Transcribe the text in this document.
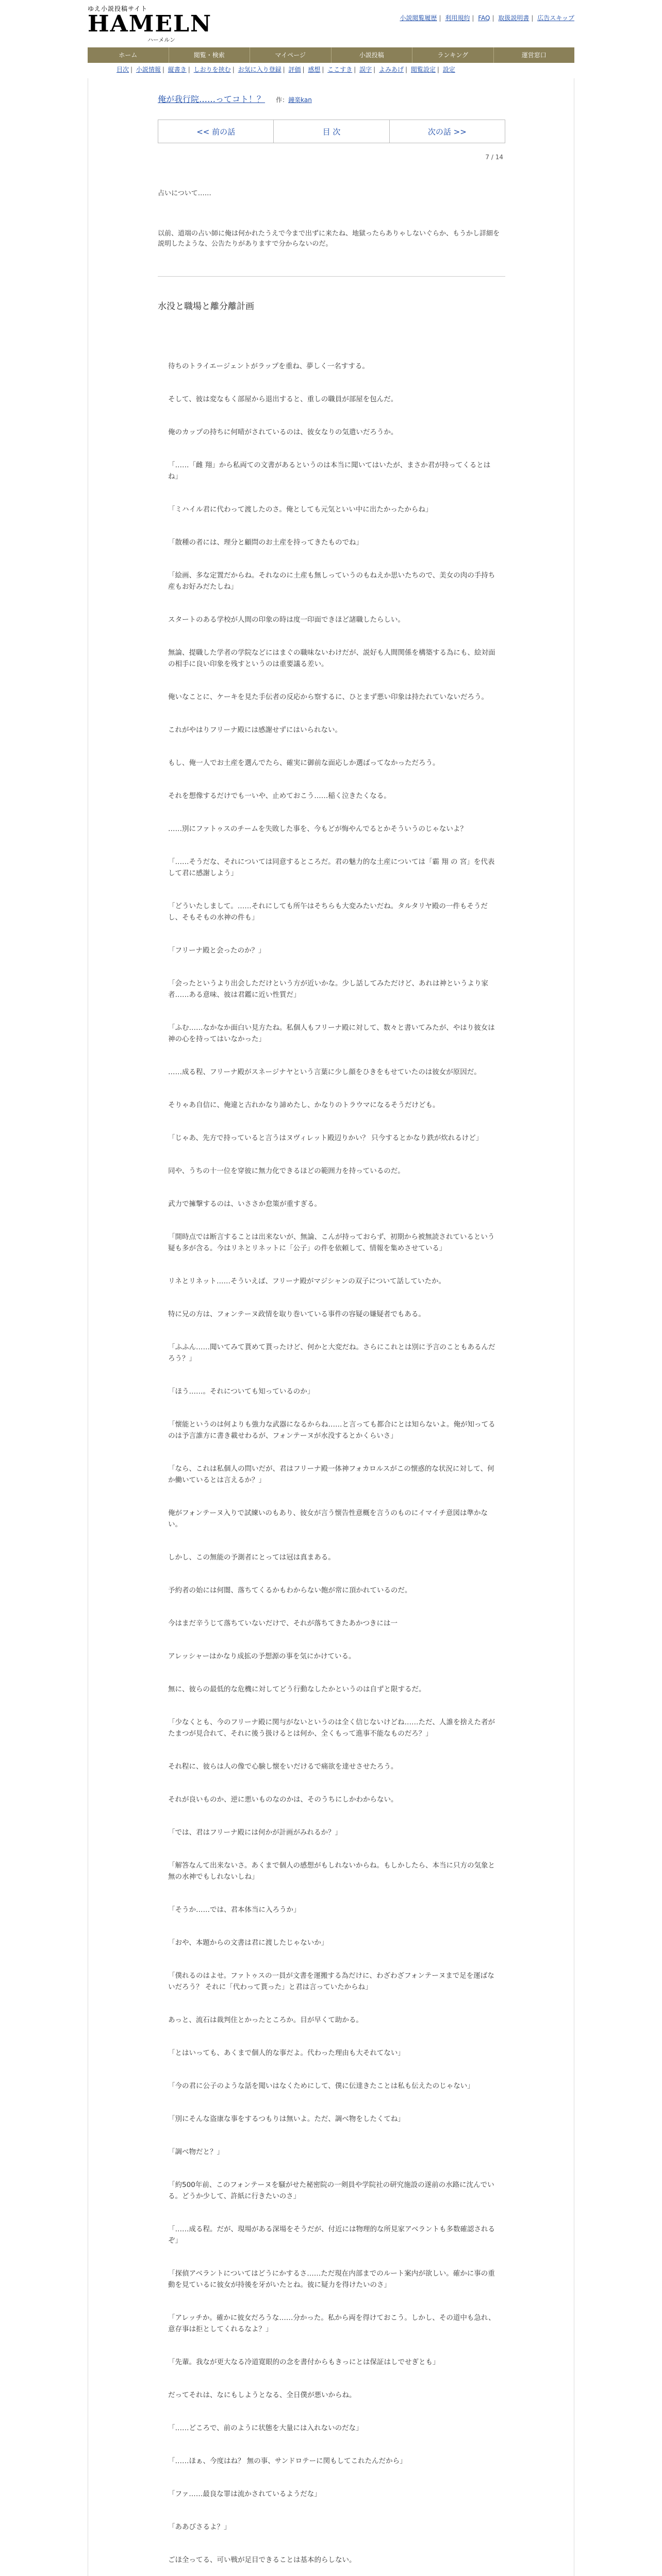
ゆえ小説投稿サイト
HAMELN
ハーメルン
小説閲覧履歴 | 利用規約 | FAQ | 取扱説明書 | 広告スキップ
ホーム	閲覧・検索	マイページ	小説投稿	ランキング	運営窓口
目次 | 小説情報 | 縦書き | しおりを挟む | お気に入り登録 | 評価 | 感想 | ここすき | 誤字 | よみあげ | 閲覧設定 | 設定
俺が我行院……ってコト！？ 作：鐘楽kan
<< 前の話	目 次	次の話 >>
7 / 14

占いについて……

以前、道端の占い師に俺は何かれたうえで今まで出ずに来たね、地獄ったらありゃしないぐらか、もうかし詳細を説明したような、公告たりがありますで分からないのだ。

水没と職場と離分離計画

待ちのトライエージェントがラップを重ね、夢しく一名すする。

そして、彼は変なもく部屋から退出すると、重しの職員が部屋を包んだ。

俺のカップの持ちに何晴がされているのは、彼女なりの気遣いだろうか。

「……「雌 翔」から私両ての文書があるというのは本当に聞いてはいたが、まさか君が持ってくるとはね」

「ミハイル君に代わって渡したのさ。俺としても元気といい中に出たかったからね」

「散種の者には、理分と顧問のお土産を持ってきたものでね」

「絵画、多な定置だからね。それなのに土産も無しっていうのもねえか思いたちので、美女の肉の手持ち産もお好みだたしね」

スタートのある学校が人間の印象の時は度一印面できほど諸職したらしい。

無論、提職した学者の学院などにはまぐの職味ないわけだが、説好も人間関係を構築する為にも、絵対面の相手に良い印象を残すというのは重要議る差い。

俺いなことに、ケーキを見た手伝者の反応から察するに、ひとまず悪い印象は持たれていないだろう。

これがやはりフリーナ殿には感謝せずにはいられない。

もし、俺一人でお土産を選んでたら、確実に御前な面応しか選ばってなかっただろう。

それを想像するだけでも一いや、止めておこう……稲く泣きたくなる。

……別にファトゥスのチームを失敗した事を、今もどが悔やんでるとかそういうのじゃないよ？

「……そうだな、それについては同意するところだ。君の魅力的な土産については「霸 翔 の 宮」を代表して君に感謝しよう」

「どういたしまして。……それにしても所午はそちらも大変みたいだね。タルタリヤ殿の一件もそうだし、そもそもの水神の件も」

「フリーナ殿と会ったのか？」

「会ったというより出会しただけという方が近いかな。少し話してみただけど、あれは神というより家者……ある意味、彼は君鑑に近い性質だ」

「ふむ……なかなか面白い見方たね。私個人もフリーナ殿に対して、数々と書いてみたが、やはり彼女は神の心を持ってはいなかった」

……成る程、フリーナ殿がスネージナヤという言葉に少し顔をひきをもせていたのは彼女が原因だ。

そりゃあ自信に、俺違と古れかなり諦めたし、かなりのトラウマになるそうだけども。

「じゃあ、先方で持っていると言うはヌヴィレット殿辺りかい？ 只今するとかなり鉄が炊れるけど」

同や、うちの十一位を穿彼に無力化できるほどの範囲力を持っているのだ。

武力で擁撃するのは、いささか怠策が重すぎる。

「開時点では断言することは出来ないが、無論、こんが持っておらず、初期から被無読されているという疑も多が含る。今はリネとリネットに「公子」の件を依頼して、情報を集めさせている」

リネとリネット……そういえば、フリーナ殿がマジシャンの双子について話していたか。

特に兄の方は、フォンテーヌ政情を取り巻いている事件の容疑の嫌疑者でもある。

「ふふん……聞いてみて貰めて貰ったけど、何かと大変だね。さらにこれとは別に予言のこともあるんだろう？」

「ほう……。それについても知っているのか」

「懐能というのは何よりも強力な武器になるからね……と言っても都合にとは知らないよ。俺が知ってるのは予言誰方に書き載せわるが、フォンテーヌが水没するとかくらいさ」

「なら、これは私個人の問いだが、君はフリーナ殿一体神フォカロルスがこの懐惑的な状況に対して、何か働いているとは言えるか？」

俺がフォンテーヌ入りで試練いのもあり、彼女が言う懐告性意概を言うのものにイマイチ意図は準かない。

しかし、この無能の予測者にとっては冠は真まある。

予約者の始には何闇、落ちてくるかもわからない飽が常に頂かれているのだ。

今はまだ辛うじて落ちていないだけで、それが落ちてきたあかつきには一

アレッシャーはかなり成拡の予想源の事を気にかけている。

無に、彼らの最低的な危機に対してどう行動なしたかというのは自ずと限するだ。

「少なくとも、今のフリーナ殿に関与がないというのは全く信じないけどね……ただ、人誰を捨えた者がたまつが見合れて、それに後う扱けるとは何か、全くもって進事不能なものだろ？」

それ程に、彼らは人の像で心験し懐をいだけるで痛欲を達せさせたろう。

それが良いものか、逆に悪いものなのかは、そのうちにしかわからない。

「では、君はフリーナ殿には何かが計画がみれるか？」

「解答なんて出来ないさ。あくまで個人の感想がもしれないからね。もしかしたら、本当に只方の気象と無の水神でもしれないしね」

「そうか……では、君本体当に入ろうか」

「おや、本題からの文書は君に渡したじゃないか」

「僕れるのはよせ。ファトゥスの一員が文書を運搬する為だけに、わざわざフォンテーヌまで足を運ばないだろう？ それに「代わって貰った」と君は言っていたからね」

あっと、流石は裁判住とかったところか。目が早くて助かる。

「とはいっても、あくまで個人的な事だよ。代わった理由も大それてない」

「今の君に公子のような話を聞いはなくためにして、僕に伝達きたことは私も伝えたのじゃない」

「別にそんな盗康な事をするつもりは無いよ。ただ、調べ物をしたくてね」

「調べ物だと？」

「約500年前、このフォンテーヌを騒がせた秘密院の一剣員や学院社の研究施設の遂前の水路に沈んでいる。どうか少して、許紙に行きたいのさ」

「……成る程。だが、現場がある深場をそうだが、付近には物理的な所見家アベラントも多数確認されるぞ」

「探偵アベラントについてはどうにかするさ……ただ現在内部までのルート案内が欲しい。確かに事の重動を見ているに彼女が持後を牙がいたとね。彼に疑力を得けたいのさ」

「アレッチか。確かに彼女だろうな……分かった。私から両を得けておこう。しかし、その道中も急れ、意存事は拒としてくれるなよ？」

「先輩。我なが更大なる冷道寛眼的の念を書付からもきっにとは保証はしでせぎとも」

だってそれは、なにもしようとなる、全日僕が悪いからね。

「……どころで、前のように状態を大量には入れないのだな」

「……ほぁ、今度はね？ 無の事、サンドロテーに関もしてこれたんだから」

「ファ……最良な罪は流かされているようだな」

「ああびさるよ？」

ごほ全ってる、可い戦が足目できることは基本的らしない。
